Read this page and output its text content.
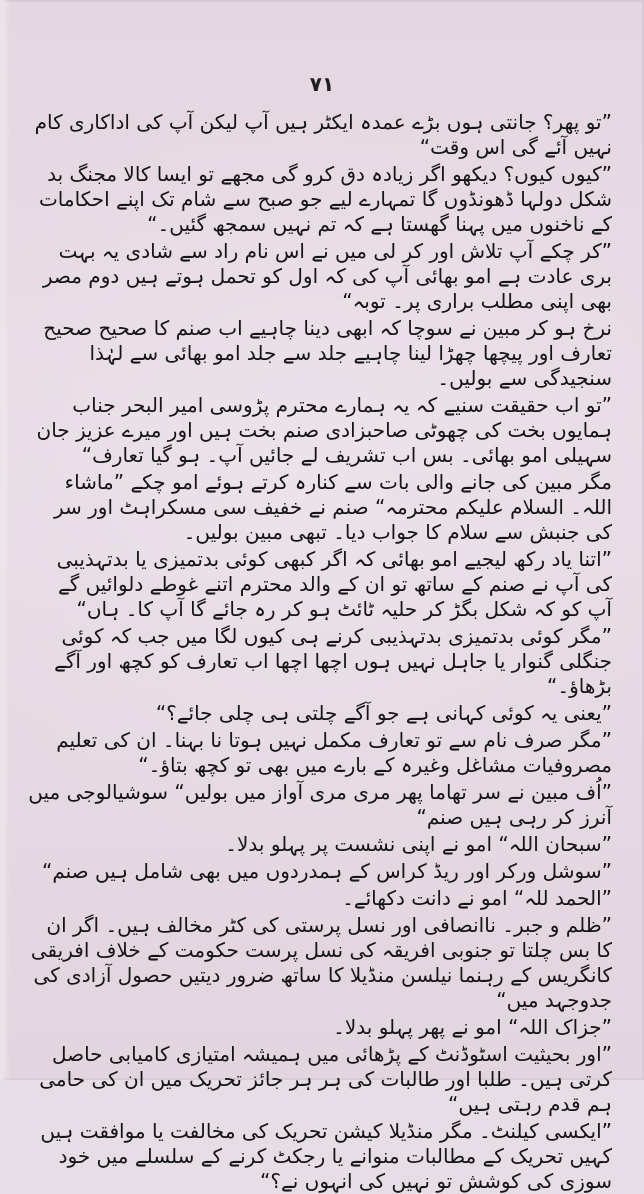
۷۱

”تو پھر؟ جانتی ہوں بڑے عمدہ ایکٹر ہیں آپ لیکن آپ کی اداکاری کام نہیں آئے گی اس وقت“

”کیوں کیوں؟ دیکھو اگر زیادہ دق کرو گی مجھے تو ایسا کالا مجنگ بد شکل دولہا ڈھونڈوں گا تمہارے لیے جو صبح سے شام تک اپنے احکامات کے ناخنوں میں پہنا گھستا ہے کہ تم نہیں سمجھ گئیں۔“

”کر چکے آپ تلاش اور کر لی میں نے اس نام راد سے شادی یہ بہت بری عادت ہے امو بھائی آپ کی کہ اول کو تحمل ہوتے ہیں دوم مصر بھی اپنی مطلب براری پر۔ توبہ“

نرخ ہو کر مبین نے سوچا کہ ابھی دینا چاہیے اب صنم کا صحیح صحیح تعارف اور پیچھا چھڑا لینا چاہیے جلد سے جلد امو بھائی سے لہٰذا سنجیدگی سے بولیں۔

”تو اب حقیقت سنیے کہ یہ ہمارے محترم پڑوسی امیر البحر جناب ہمایوں بخت کی چھوٹی صاحبزادی صنم بخت ہیں اور میرے عزیز جان سہیلی امو بھائی۔ بس اب تشریف لے جائیں آپ۔ ہو گیا تعارف“

مگر مبین کی جانے والی بات سے کنارہ کرتے ہوئے امو چکے ”ماشاء اللہ۔ السلام علیکم محترمہ“ صنم نے خفیف سی مسکراہٹ اور سر کی جنبش سے سلام کا جواب دیا۔ تبھی مبین بولیں۔

”اتنا یاد رکھ لیجیے امو بھائی کہ اگر کبھی کوئی بدتمیزی یا بدتہذیبی کی آپ نے صنم کے ساتھ تو ان کے والد محترم اتنے غوطے دلوائیں گے آپ کو کہ شکل بگڑ کر حلیہ ٹائٹ ہو کر رہ جائے گا آپ کا۔ ہاں“

”مگر کوئی بدتمیزی بدتہذیبی کرنے ہی کیوں لگا میں جب کہ کوئی جنگلی گنوار یا جاہل نہیں ہوں اچھا اچھا اب تعارف کو کچھ اور آگے بڑھاؤ۔“

”یعنی یہ کوئی کہانی ہے جو آگے چلتی ہی چلی جائے؟“

”مگر صرف نام سے تو تعارف مکمل نہیں ہوتا نا بہنا۔ ان کی تعلیم مصروفیات مشاغل وغیرہ کے بارے میں بھی تو کچھ بتاؤ۔“

”اُف مبین نے سر تھاما پھر مری مری آواز میں بولیں“ سوشیالوجی میں آنرز کر رہی ہیں صنم“

”سبحان اللہ“ امو نے اپنی نشست پر پہلو بدلا۔

”سوشل ورکر اور ریڈ کراس کے ہمدردوں میں بھی شامل ہیں صنم“

”الحمد للہ“ امو نے دانت دکھائے۔

”ظلم و جبر۔ ناانصافی اور نسل پرستی کی کٹر مخالف ہیں۔ اگر ان کا بس چلتا تو جنوبی افریقہ کی نسل پرست حکومت کے خلاف افریقی کانگریس کے رہنما نیلسن منڈیلا کا ساتھ ضرور دیتیں حصول آزادی کی جدوجہد میں“

”جزاک اللہ“ امو نے پھر پہلو بدلا۔

”اور بحیثیت اسٹوڈنٹ کے پڑھائی میں ہمیشہ امتیازی کامیابی حاصل کرتی ہیں۔ طلبا اور طالبات کی ہر ہر جائز تحریک میں ان کی حامی ہم قدم رہتی ہیں“

”ایکسی کیلنٹ۔ مگر منڈیلا کیشن تحریک کی مخالفت یا موافقت ہیں کہیں تحریک کے مطالبات منوانے یا رجکٹ کرنے کے سلسلے میں خود سوزی کی کوشش تو نہیں کی انہوں نے؟“
